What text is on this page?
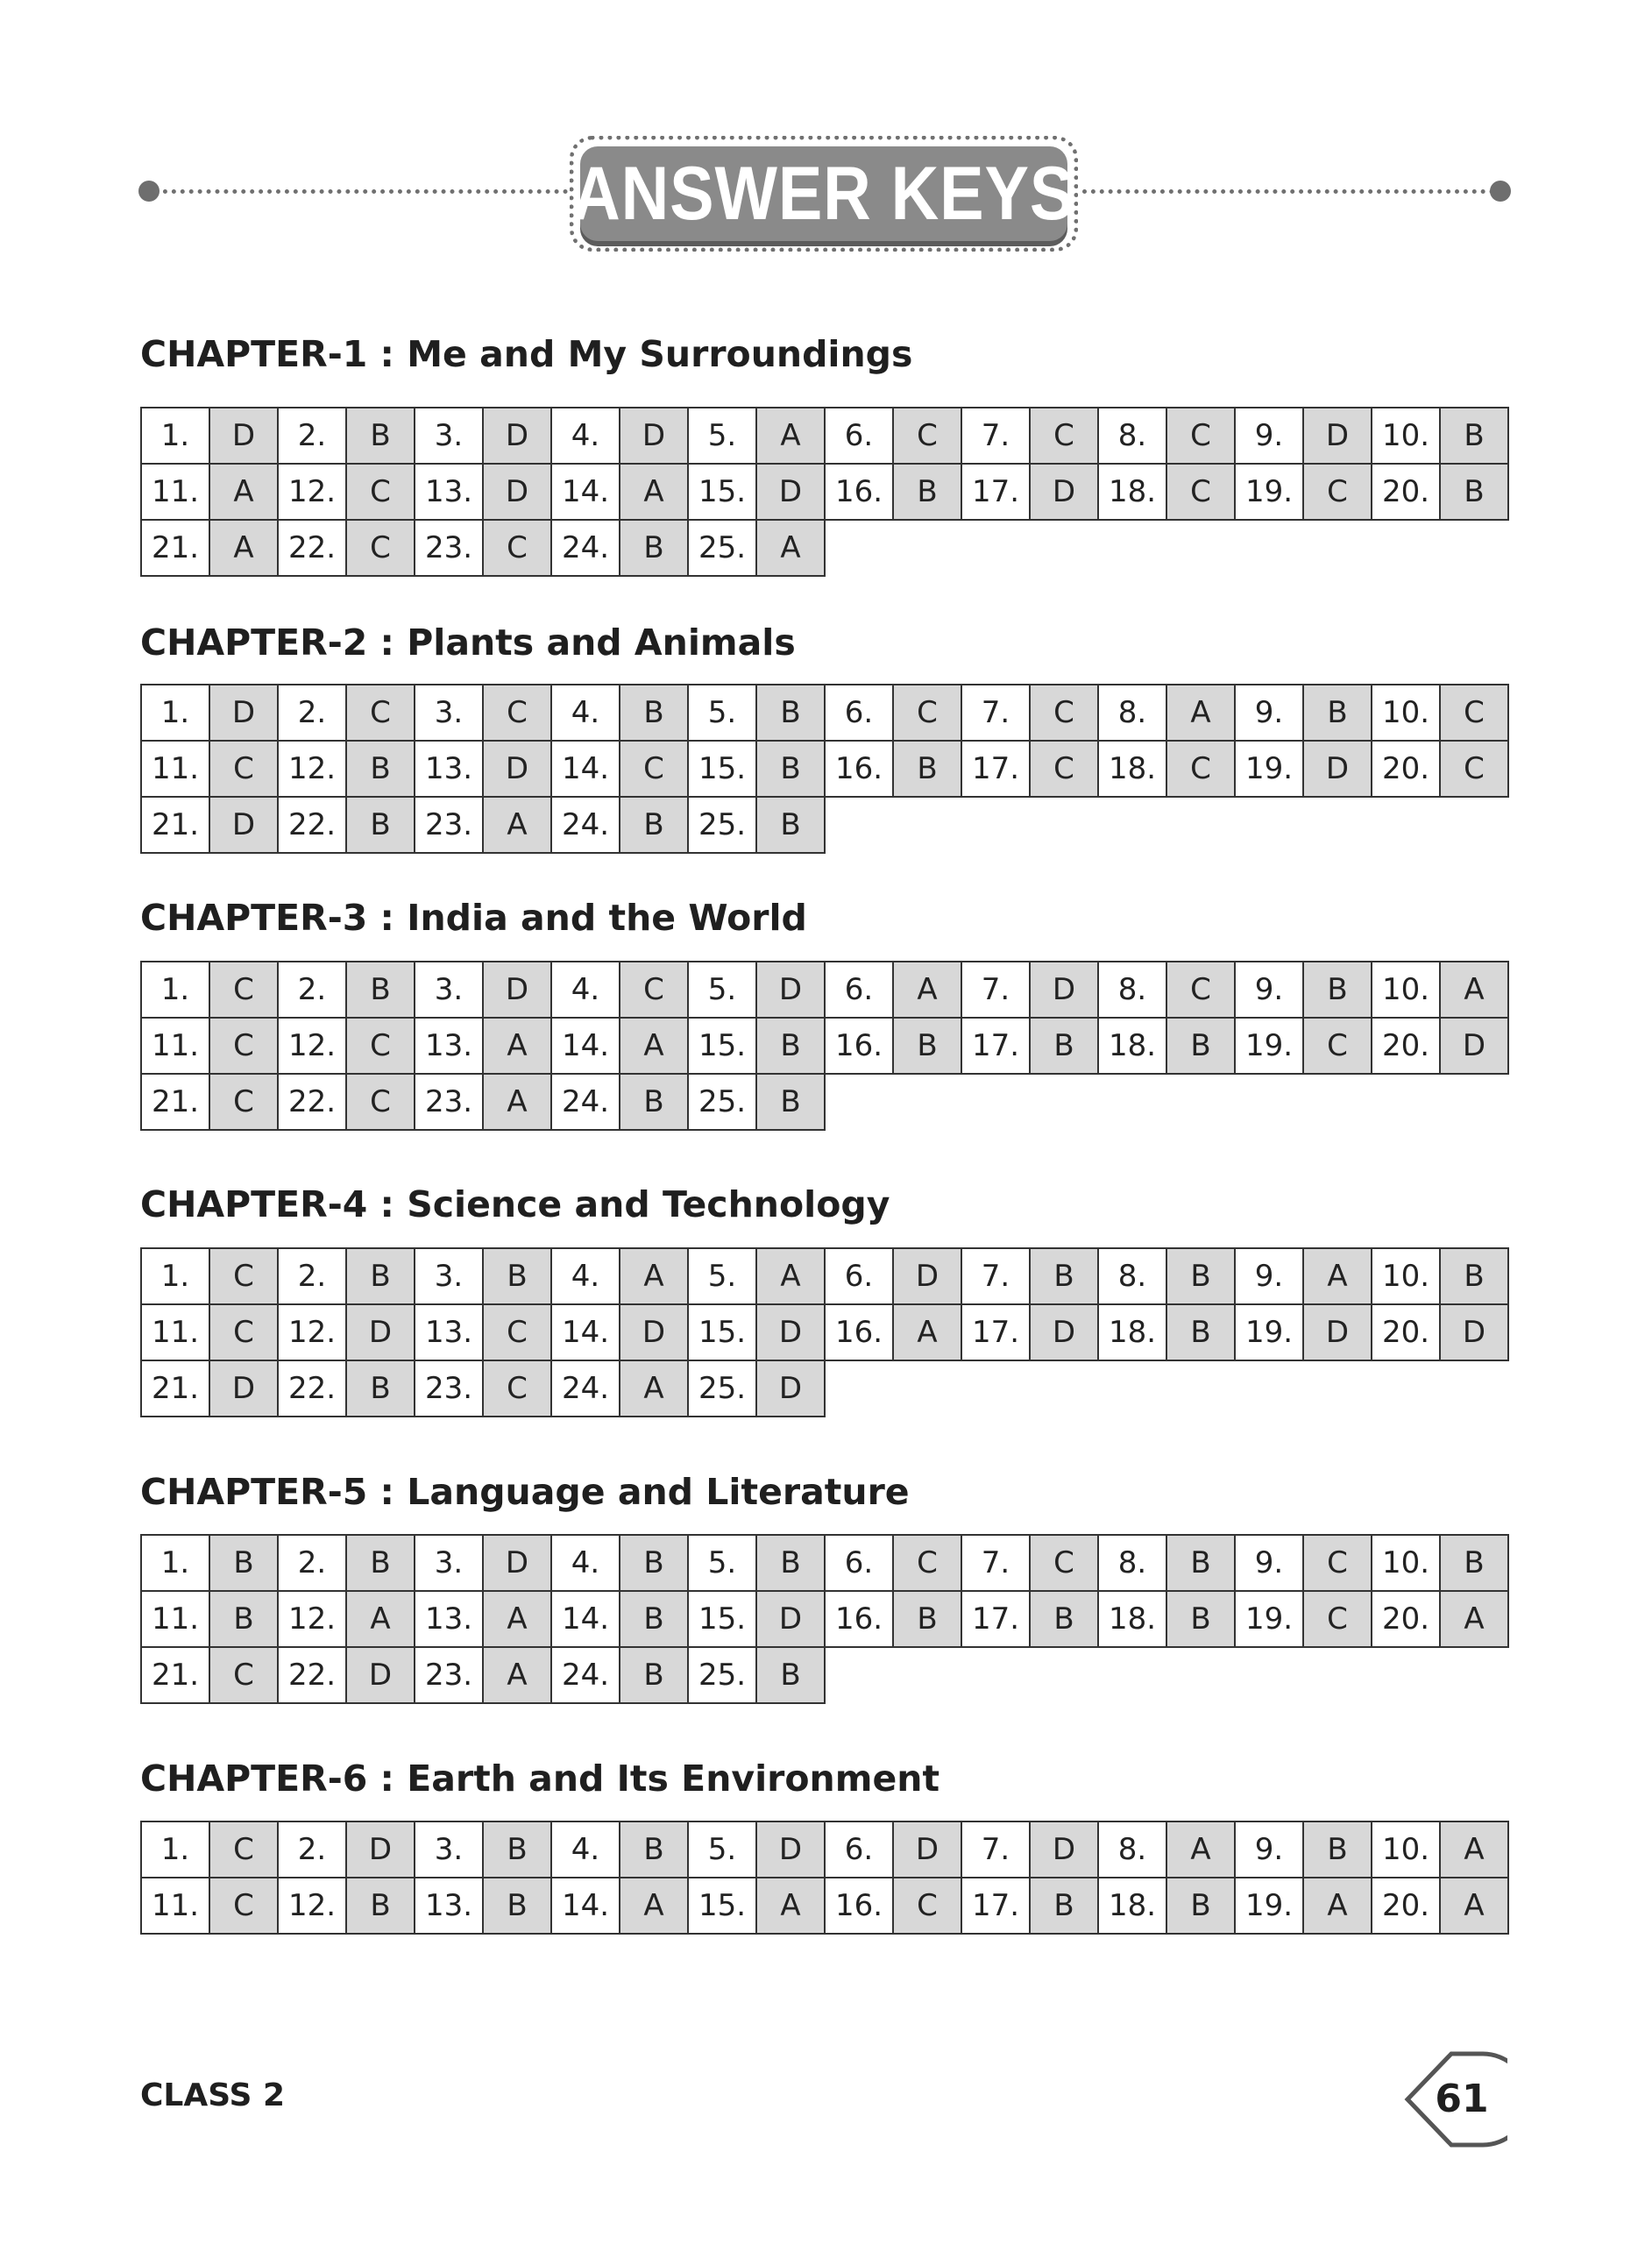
ANSWER KEYS
CHAPTER-1 : Me and My Surroundings
1.	D	2.	B	3.	D	4.	D	5.	A	6.	C	7.	C	8.	C	9.	D	10.	B
11.	A	12.	C	13.	D	14.	A	15.	D	16.	B	17.	D	18.	C	19.	C	20.	B
21.	A	22.	C	23.	C	24.	B	25.	A										
CHAPTER-2 : Plants and Animals
1.	D	2.	C	3.	C	4.	B	5.	B	6.	C	7.	C	8.	A	9.	B	10.	C
11.	C	12.	B	13.	D	14.	C	15.	B	16.	B	17.	C	18.	C	19.	D	20.	C
21.	D	22.	B	23.	A	24.	B	25.	B										
CHAPTER-3 : India and the World
1.	C	2.	B	3.	D	4.	C	5.	D	6.	A	7.	D	8.	C	9.	B	10.	A
11.	C	12.	C	13.	A	14.	A	15.	B	16.	B	17.	B	18.	B	19.	C	20.	D
21.	C	22.	C	23.	A	24.	B	25.	B										
CHAPTER-4 : Science and Technology
1.	C	2.	B	3.	B	4.	A	5.	A	6.	D	7.	B	8.	B	9.	A	10.	B
11.	C	12.	D	13.	C	14.	D	15.	D	16.	A	17.	D	18.	B	19.	D	20.	D
21.	D	22.	B	23.	C	24.	A	25.	D										
CHAPTER-5 : Language and Literature
1.	B	2.	B	3.	D	4.	B	5.	B	6.	C	7.	C	8.	B	9.	C	10.	B
11.	B	12.	A	13.	A	14.	B	15.	D	16.	B	17.	B	18.	B	19.	C	20.	A
21.	C	22.	D	23.	A	24.	B	25.	B										
CHAPTER-6 : Earth and Its Environment
1.	C	2.	D	3.	B	4.	B	5.	D	6.	D	7.	D	8.	A	9.	B	10.	A
11.	C	12.	B	13.	B	14.	A	15.	A	16.	C	17.	B	18.	B	19.	A	20.	A
CLASS 2	61
